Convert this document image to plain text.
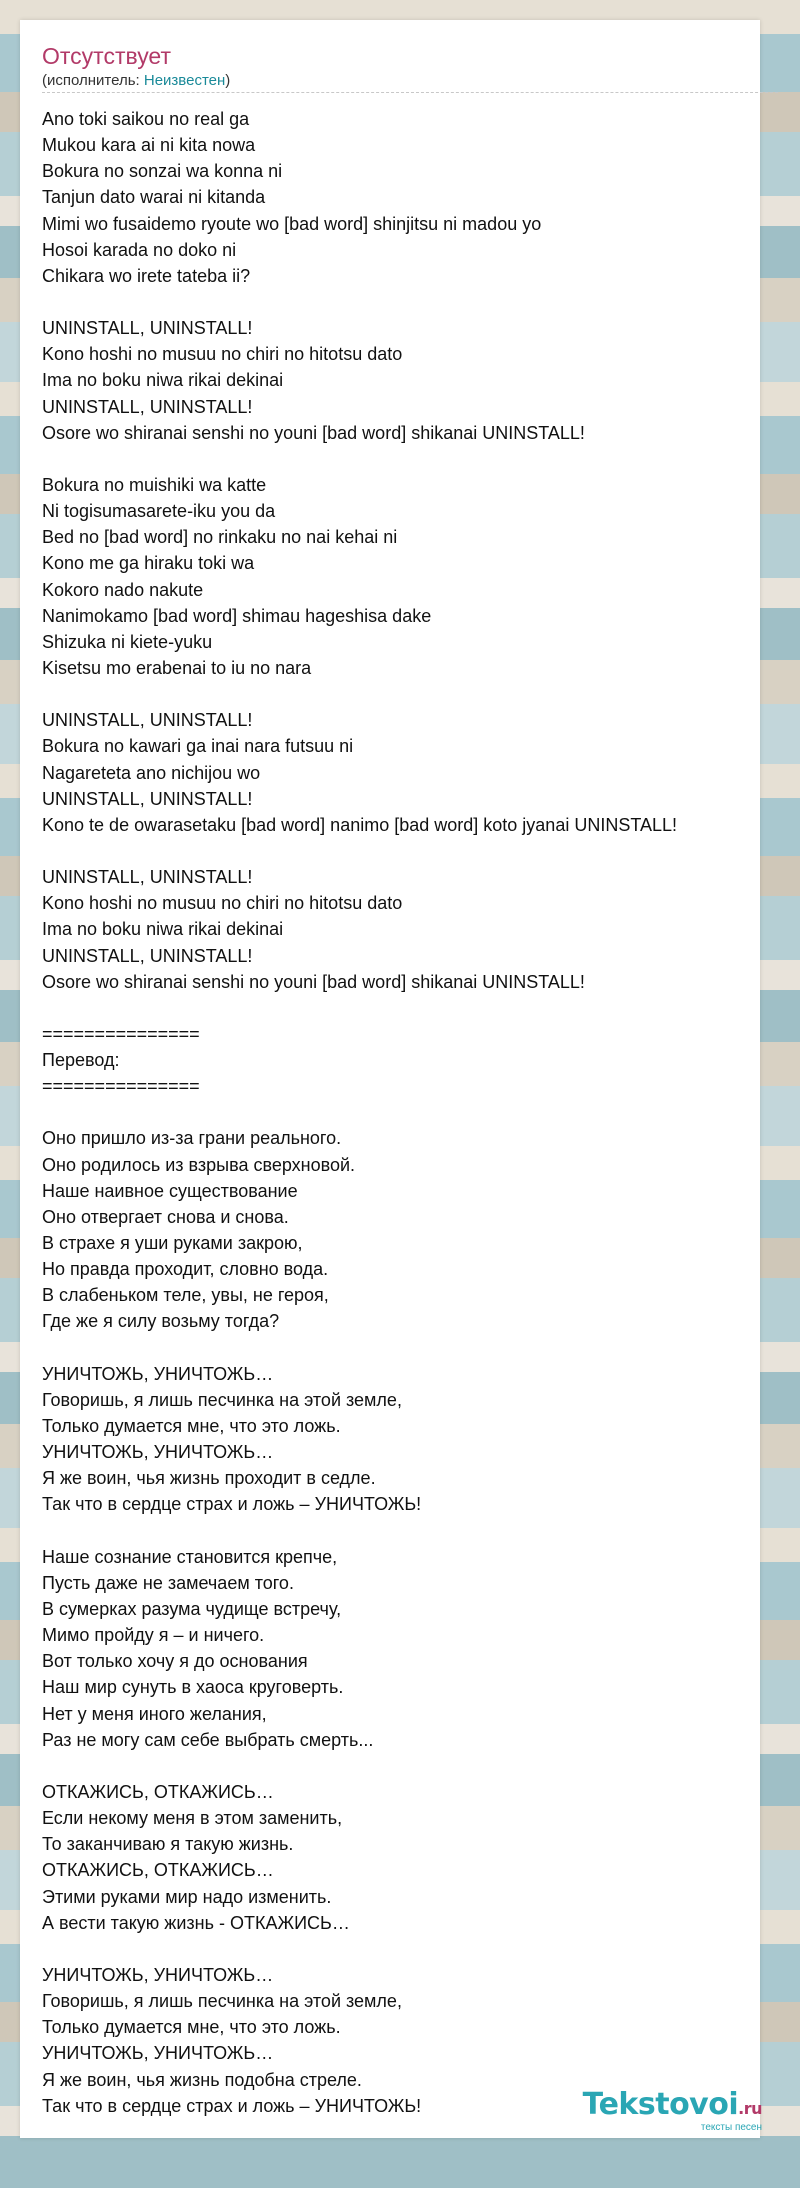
Отсутствует
(исполнитель: Неизвестен)
Ano toki saikou no real ga
Mukou kara ai ni kita nowa
Bokura no sonzai wa konna ni
Tanjun dato warai ni kitanda
Mimi wo fusaidemo ryoute wo [bad word] shinjitsu ni madou yo
Hosoi karada no doko ni
Chikara wo irete tateba ii?
UNINSTALL, UNINSTALL!
Kono hoshi no musuu no chiri no hitotsu dato
Ima no boku niwa rikai dekinai
UNINSTALL, UNINSTALL!
Osore wo shiranai senshi no youni [bad word] shikanai UNINSTALL!
Bokura no muishiki wa katte
Ni togisumasarete-iku you da
Bed no [bad word] no rinkaku no nai kehai ni
Kono me ga hiraku toki wa
Kokoro nado nakute
Nanimokamo [bad word] shimau hageshisa dake
Shizuka ni kiete-yuku
Kisetsu mo erabenai to iu no nara
UNINSTALL, UNINSTALL!
Bokura no kawari ga inai nara futsuu ni
Nagareteta ano nichijou wo
UNINSTALL, UNINSTALL!
Kono te de owarasetaku [bad word] nanimo [bad word] koto jyanai UNINSTALL!
UNINSTALL, UNINSTALL!
Kono hoshi no musuu no chiri no hitotsu dato
Ima no boku niwa rikai dekinai
UNINSTALL, UNINSTALL!
Osore wo shiranai senshi no youni [bad word] shikanai UNINSTALL!
===============
Перевод:
===============
Оно пришло из-за грани реального.
Оно родилось из взрыва сверхновой.
Наше наивное существование
Оно отвергает снова и снова.
В страхе я уши руками закрою,
Но правда проходит, словно вода.
В слабеньком теле, увы, не героя,
Где же я силу возьму тогда?
УНИЧТОЖЬ, УНИЧТОЖЬ…
Говоришь, я лишь песчинка на этой земле,
Только думается мне, что это ложь.
УНИЧТОЖЬ, УНИЧТОЖЬ…
Я же воин, чья жизнь проходит в седле.
Так что в сердце страх и ложь – УНИЧТОЖЬ!
Наше сознание становится крепче,
Пусть даже не замечаем того.
В сумерках разума чудище встречу,
Мимо пройду я – и ничего.
Вот только хочу я до основания
Наш мир сунуть в хаоса круговерть.
Нет у меня иного желания,
Раз не могу сам себе выбрать смерть...
ОТКАЖИСЬ, ОТКАЖИСЬ…
Если некому меня в этом заменить,
То заканчиваю я такую жизнь.
ОТКАЖИСЬ, ОТКАЖИСЬ…
Этими руками мир надо изменить.
А вести такую жизнь - ОТКАЖИСЬ…
УНИЧТОЖЬ, УНИЧТОЖЬ…
Говоришь, я лишь песчинка на этой земле,
Только думается мне, что это ложь.
УНИЧТОЖЬ, УНИЧТОЖЬ…
Я же воин, чья жизнь подобна стреле.
Так что в сердце страх и ложь – УНИЧТОЖЬ!	Tekstovoi.ru
тексты песен
